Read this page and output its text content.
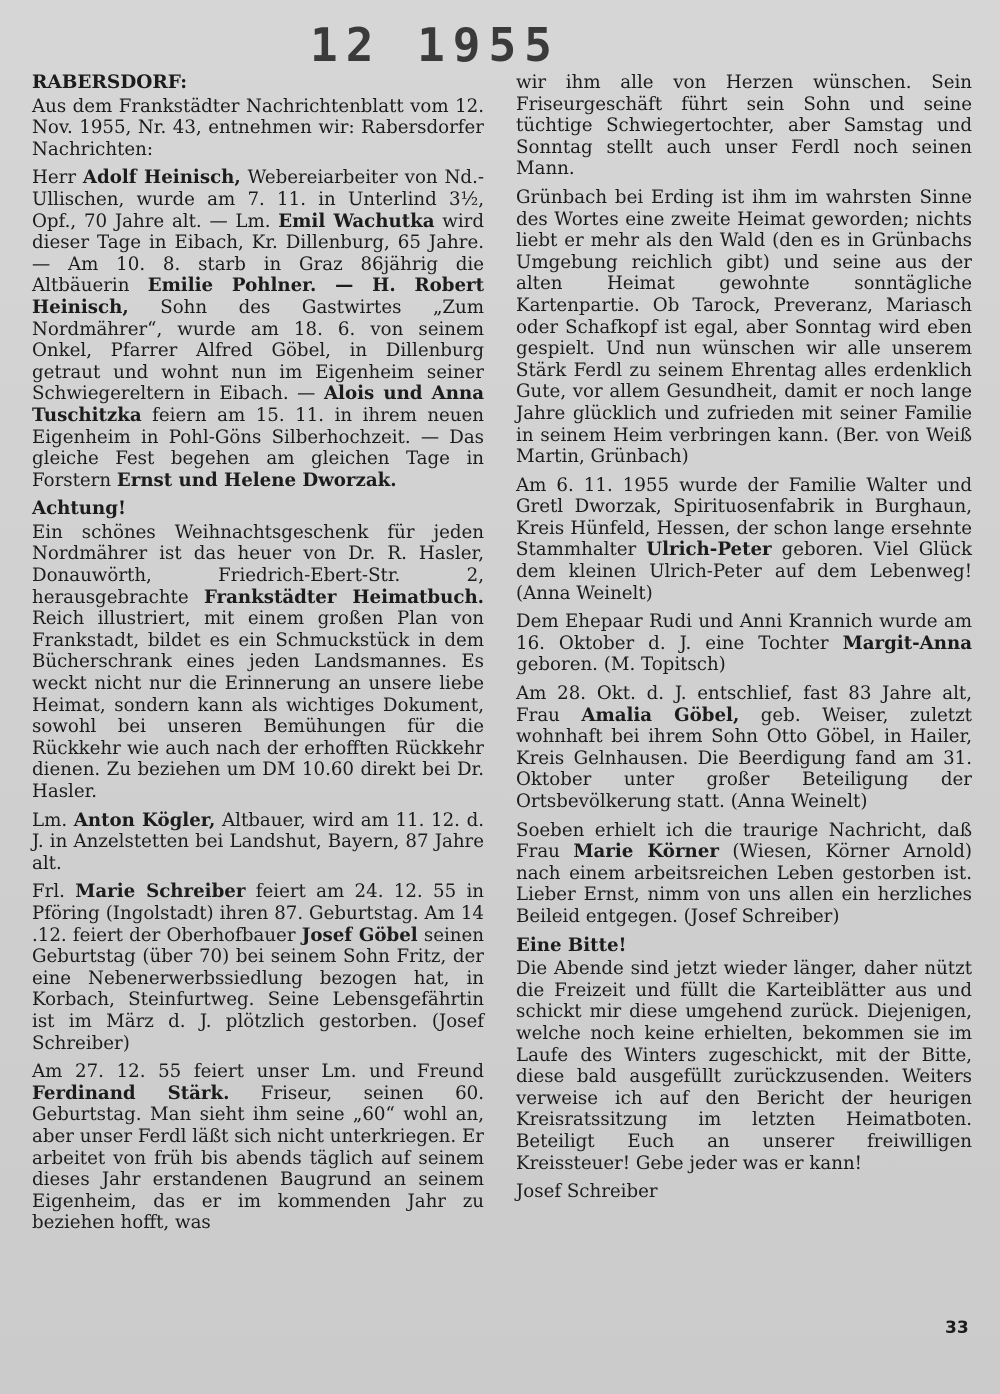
12 1955
RABERSDORF:

Aus dem Frankstädter Nachrichtenblatt vom 12. Nov. 1955, Nr. 43, entnehmen wir: Rabersdorfer Nachrichten:

Herr Adolf Heinisch, Webereiarbeiter von Nd.-Ullischen, wurde am 7. 11. in Unterlind 3½, Opf., 70 Jahre alt. — Lm. Emil Wachutka wird dieser Tage in Eibach, Kr. Dillenburg, 65 Jahre. — Am 10. 8. starb in Graz 86jährig die Altbäuerin Emilie Pohlner. — H. Robert Heinisch, Sohn des Gastwirtes „Zum Nordmährer“, wurde am 18. 6. von seinem Onkel, Pfarrer Alfred Göbel, in Dillenburg getraut und wohnt nun im Eigenheim seiner Schwiegereltern in Eibach. — Alois und Anna Tuschitzka feiern am 15. 11. in ihrem neuen Eigenheim in Pohl-Göns Silberhochzeit. — Das gleiche Fest begehen am gleichen Tage in Forstern Ernst und Helene Dworzak.

Achtung!

Ein schönes Weihnachtsgeschenk für jeden Nordmährer ist das heuer von Dr. R. Hasler, Donauwörth, Friedrich-Ebert-Str. 2, herausgebrachte Frankstädter Heimatbuch. Reich illustriert, mit einem großen Plan von Frankstadt, bildet es ein Schmuckstück in dem Bücherschrank eines jeden Landsmannes. Es weckt nicht nur die Erinnerung an unsere liebe Heimat, sondern kann als wichtiges Dokument, sowohl bei unseren Bemühungen für die Rückkehr wie auch nach der erhofften Rückkehr dienen. Zu beziehen um DM 10.60 direkt bei Dr. Hasler.

Lm. Anton Kögler, Altbauer, wird am 11. 12. d. J. in Anzelstetten bei Landshut, Bayern, 87 Jahre alt.

Frl. Marie Schreiber feiert am 24. 12. 55 in Pföring (Ingolstadt) ihren 87. Geburtstag. Am 14 .12. feiert der Oberhofbauer Josef Göbel seinen Geburtstag (über 70) bei seinem Sohn Fritz, der eine Nebenerwerbssiedlung bezogen hat, in Korbach, Steinfurtweg. Seine Lebensgefährtin ist im März d. J. plötzlich gestorben. (Josef Schreiber)

Am 27. 12. 55 feiert unser Lm. und Freund Ferdinand Stärk. Friseur, seinen 60. Geburtstag. Man sieht ihm seine „60“ wohl an, aber unser Ferdl läßt sich nicht unterkriegen. Er arbeitet von früh bis abends täglich auf seinem dieses Jahr erstandenen Baugrund an seinem Eigenheim, das er im kommenden Jahr zu beziehen hofft, was

wir ihm alle von Herzen wünschen. Sein Friseurgeschäft führt sein Sohn und seine tüchtige Schwiegertochter, aber Samstag und Sonntag stellt auch unser Ferdl noch seinen Mann.

Grünbach bei Erding ist ihm im wahrsten Sinne des Wortes eine zweite Heimat geworden; nichts liebt er mehr als den Wald (den es in Grünbachs Umgebung reichlich gibt) und seine aus der alten Heimat gewohnte sonntägliche Kartenpartie. Ob Tarock, Preveranz, Mariasch oder Schafkopf ist egal, aber Sonntag wird eben gespielt. Und nun wünschen wir alle unserem Stärk Ferdl zu seinem Ehrentag alles erdenklich Gute, vor allem Gesundheit, damit er noch lange Jahre glücklich und zufrieden mit seiner Familie in seinem Heim verbringen kann. (Ber. von Weiß Martin, Grünbach)

Am 6. 11. 1955 wurde der Familie Walter und Gretl Dworzak, Spirituosenfabrik in Burghaun, Kreis Hünfeld, Hessen, der schon lange ersehnte Stammhalter Ulrich-Peter geboren. Viel Glück dem kleinen Ulrich-Peter auf dem Lebenweg! (Anna Weinelt)

Dem Ehepaar Rudi und Anni Krannich wurde am 16. Oktober d. J. eine Tochter Margit-Anna geboren. (M. Topitsch)

Am 28. Okt. d. J. entschlief, fast 83 Jahre alt, Frau Amalia Göbel, geb. Weiser, zuletzt wohnhaft bei ihrem Sohn Otto Göbel, in Hailer, Kreis Gelnhausen. Die Beerdigung fand am 31. Oktober unter großer Beteiligung der Ortsbevölkerung statt. (Anna Weinelt)

Soeben erhielt ich die traurige Nachricht, daß Frau Marie Körner (Wiesen, Körner Arnold) nach einem arbeitsreichen Leben gestorben ist. Lieber Ernst, nimm von uns allen ein herzliches Beileid entgegen. (Josef Schreiber)

Eine Bitte!

Die Abende sind jetzt wieder länger, daher nützt die Freizeit und füllt die Karteiblätter aus und schickt mir diese umgehend zurück. Diejenigen, welche noch keine erhielten, bekommen sie im Laufe des Winters zugeschickt, mit der Bitte, diese bald ausgefüllt zurückzusenden. Weiters verweise ich auf den Bericht der heurigen Kreisratssitzung im letzten Heimatboten. Beteiligt Euch an unserer freiwilligen Kreissteuer! Gebe jeder was er kann!

Josef Schreiber

33
